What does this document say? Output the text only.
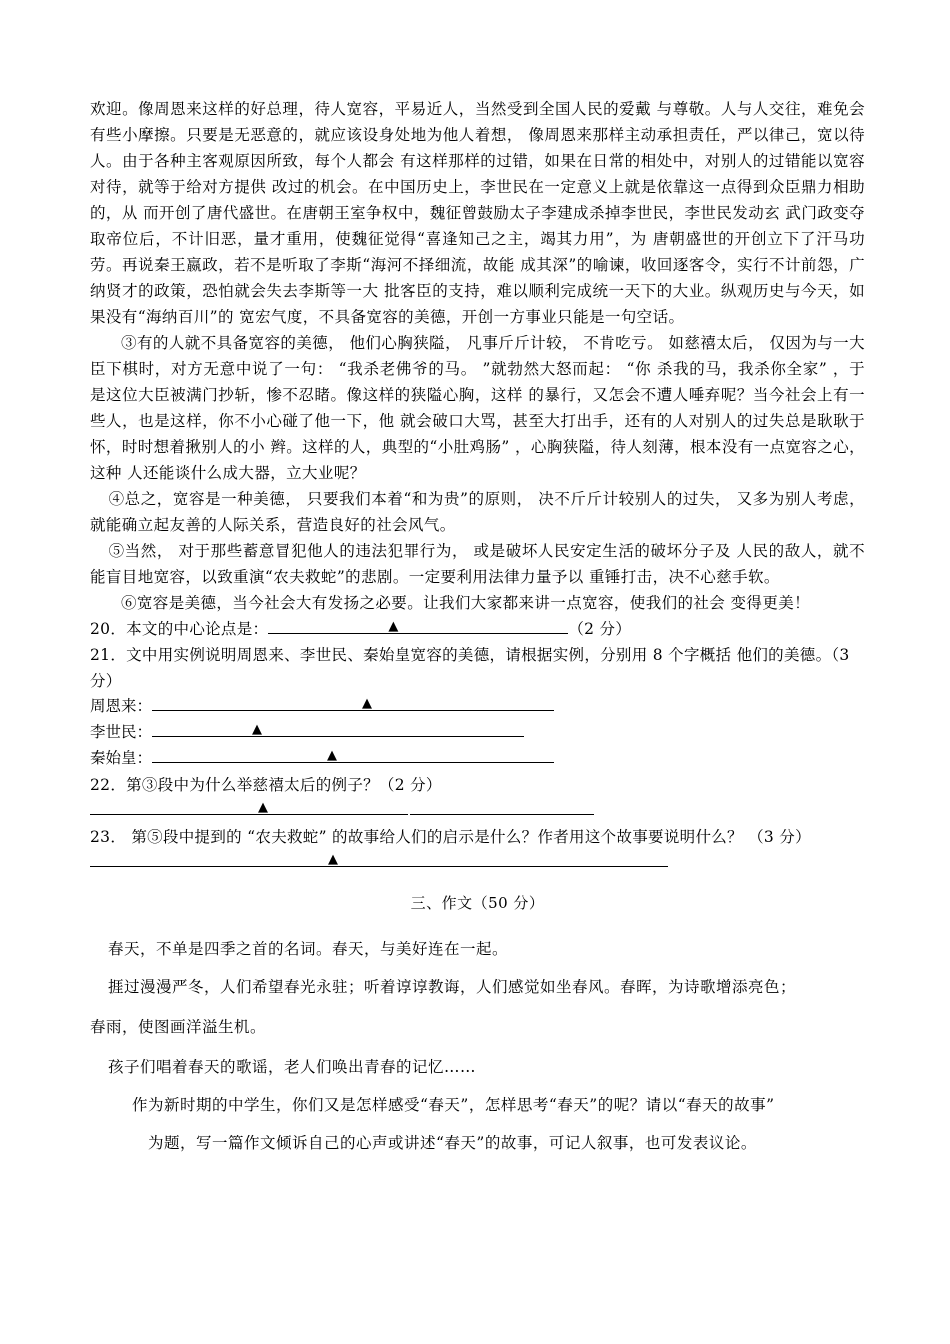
欢迎。像周恩来这样的好总理，待人宽容，平易近人，当然受到全国人民的爱戴 与尊敬。人与人交往，难免会有些小摩擦。只要是无恶意的，就应该设身处地为他人着想， 像周恩来那样主动承担责任，严以律己，宽以待人。由于各种主客观原因所致，每个人都会 有这样那样的过错，如果在日常的相处中，对别人的过错能以宽容对待，就等于给对方提供 改过的机会。在中国历史上，李世民在一定意义上就是依靠这一点得到众臣鼎力相助的，从 而开创了唐代盛世。在唐朝王室争权中，魏征曾鼓励太子李建成杀掉李世民，李世民发动玄 武门政变夺取帝位后，不计旧恶，量才重用，使魏征觉得“喜逢知己之主，竭其力用”，为 唐朝盛世的开创立下了汗马功劳。再说秦王嬴政，若不是听取了李斯“海河不择细流，故能 成其深”的喻谏，收回逐客令，实行不计前怨，广纳贤才的政策，恐怕就会失去李斯等一大 批客臣的支持，难以顺利完成统一天下的大业。纵观历史与今天，如果没有“海纳百川”的 宽宏气度，不具备宽容的美德，开创一方事业只能是一句空话。

③有的人就不具备宽容的美德， 他们心胸狭隘， 凡事斤斤计较， 不肯吃亏。 如慈禧太后， 仅因为与一大臣下棋时，对方无意中说了一句： “我杀老佛爷的马。 ”就勃然大怒而起： “你 杀我的马，我杀你全家” ，于是这位大臣被满门抄斩，惨不忍睹。像这样的狭隘心胸，这样 的暴行，又怎会不遭人唾弃呢？当今社会上有一些人，也是这样，你不小心碰了他一下，他 就会破口大骂，甚至大打出手，还有的人对别人的过失总是耿耿于怀，时时想着揪别人的小 辫。这样的人，典型的“小肚鸡肠” ，心胸狭隘，待人刻薄，根本没有一点宽容之心，这种 人还能谈什么成大器，立大业呢？

④总之，宽容是一种美德， 只要我们本着“和为贵”的原则， 决不斤斤计较别人的过失， 又多为别人考虑，就能确立起友善的人际关系，营造良好的社会风气。

⑤当然， 对于那些蓄意冒犯他人的违法犯罪行为， 或是破坏人民安定生活的破坏分子及 人民的敌人，就不能盲目地宽容，以致重演“农夫救蛇”的悲剧。一定要利用法律力量予以 重锤打击，决不心慈手软。

⑥宽容是美德，当今社会大有发扬之必要。让我们大家都来讲一点宽容，使我们的社会 变得更美！

20．本文的中心论点是：	▲	（2 分）

21．文中用实例说明周恩来、李世民、秦始皇宽容的美德，请根据实例，分别用 8 个字概括 他们的美德。（3分）

周恩来：	▲
李世民：	▲
秦始皇：	▲

22．第③段中为什么举慈禧太后的例子？（2 分）

▲

23． 第⑤段中提到的 “农夫救蛇” 的故事给人们的启示是什么？作者用这个故事要说明什么？ （3 分）

▲

三、作文（50 分）

春天，不单是四季之首的名词。春天，与美好连在一起。

捱过漫漫严冬，人们希望春光永驻；听着谆谆教诲，人们感觉如坐春风。春晖，为诗歌增添亮色；

春雨，使图画洋溢生机。

孩子们唱着春天的歌谣，老人们唤出青春的记忆……

作为新时期的中学生，你们又是怎样感受“春天”，怎样思考“春天”的呢？请以“春天的故事”

为题，写一篇作文倾诉自己的心声或讲述“春天”的故事，可记人叙事，也可发表议论。
